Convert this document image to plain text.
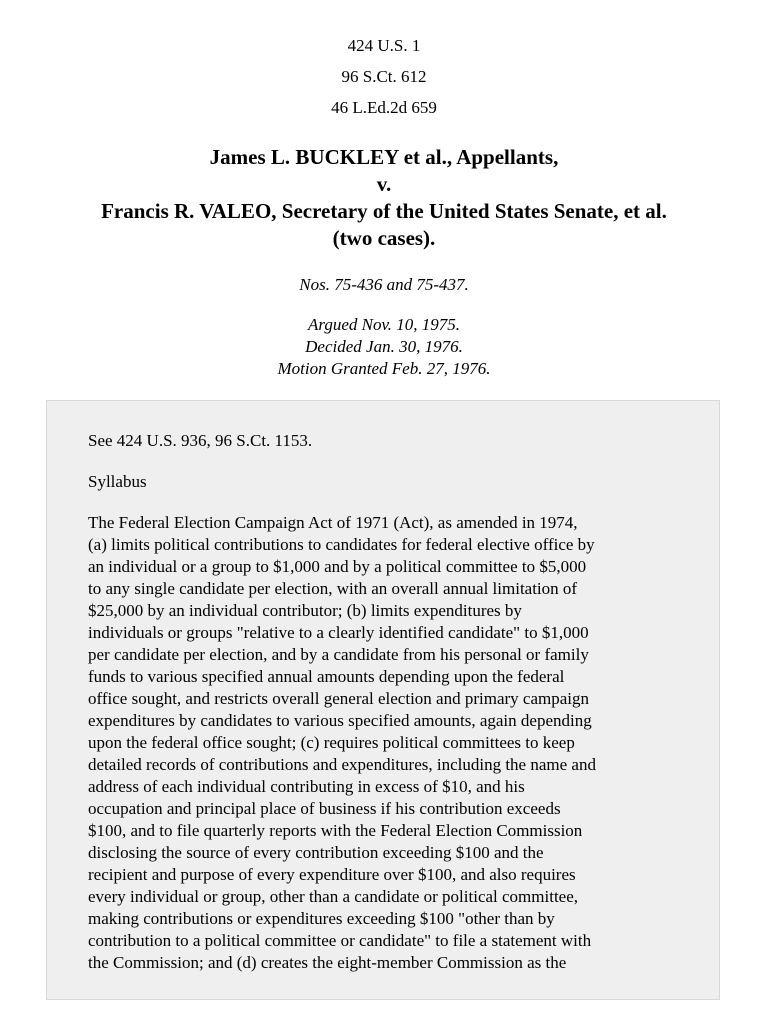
424 U.S. 1
96 S.Ct. 612
46 L.Ed.2d 659
James L. BUCKLEY et al., Appellants,
v.
Francis R. VALEO, Secretary of the United States Senate, et al.
(two cases).
Nos. 75-436 and 75-437.
Argued Nov. 10, 1975.
Decided Jan. 30, 1976.
Motion Granted Feb. 27, 1976.
See 424 U.S. 936, 96 S.Ct. 1153.
Syllabus
The Federal Election Campaign Act of 1971 (Act), as amended in 1974,
(a) limits political contributions to candidates for federal elective office by
an individual or a group to $1,000 and by a political committee to $5,000
to any single candidate per election, with an overall annual limitation of
$25,000 by an individual contributor; (b) limits expenditures by
individuals or groups "relative to a clearly identified candidate" to $1,000
per candidate per election, and by a candidate from his personal or family
funds to various specified annual amounts depending upon the federal
office sought, and restricts overall general election and primary campaign
expenditures by candidates to various specified amounts, again depending
upon the federal office sought; (c) requires political committees to keep
detailed records of contributions and expenditures, including the name and
address of each individual contributing in excess of $10, and his
occupation and principal place of business if his contribution exceeds
$100, and to file quarterly reports with the Federal Election Commission
disclosing the source of every contribution exceeding $100 and the
recipient and purpose of every expenditure over $100, and also requires
every individual or group, other than a candidate or political committee,
making contributions or expenditures exceeding $100 "other than by
contribution to a political committee or candidate" to file a statement with
the Commission; and (d) creates the eight-member Commission as the
